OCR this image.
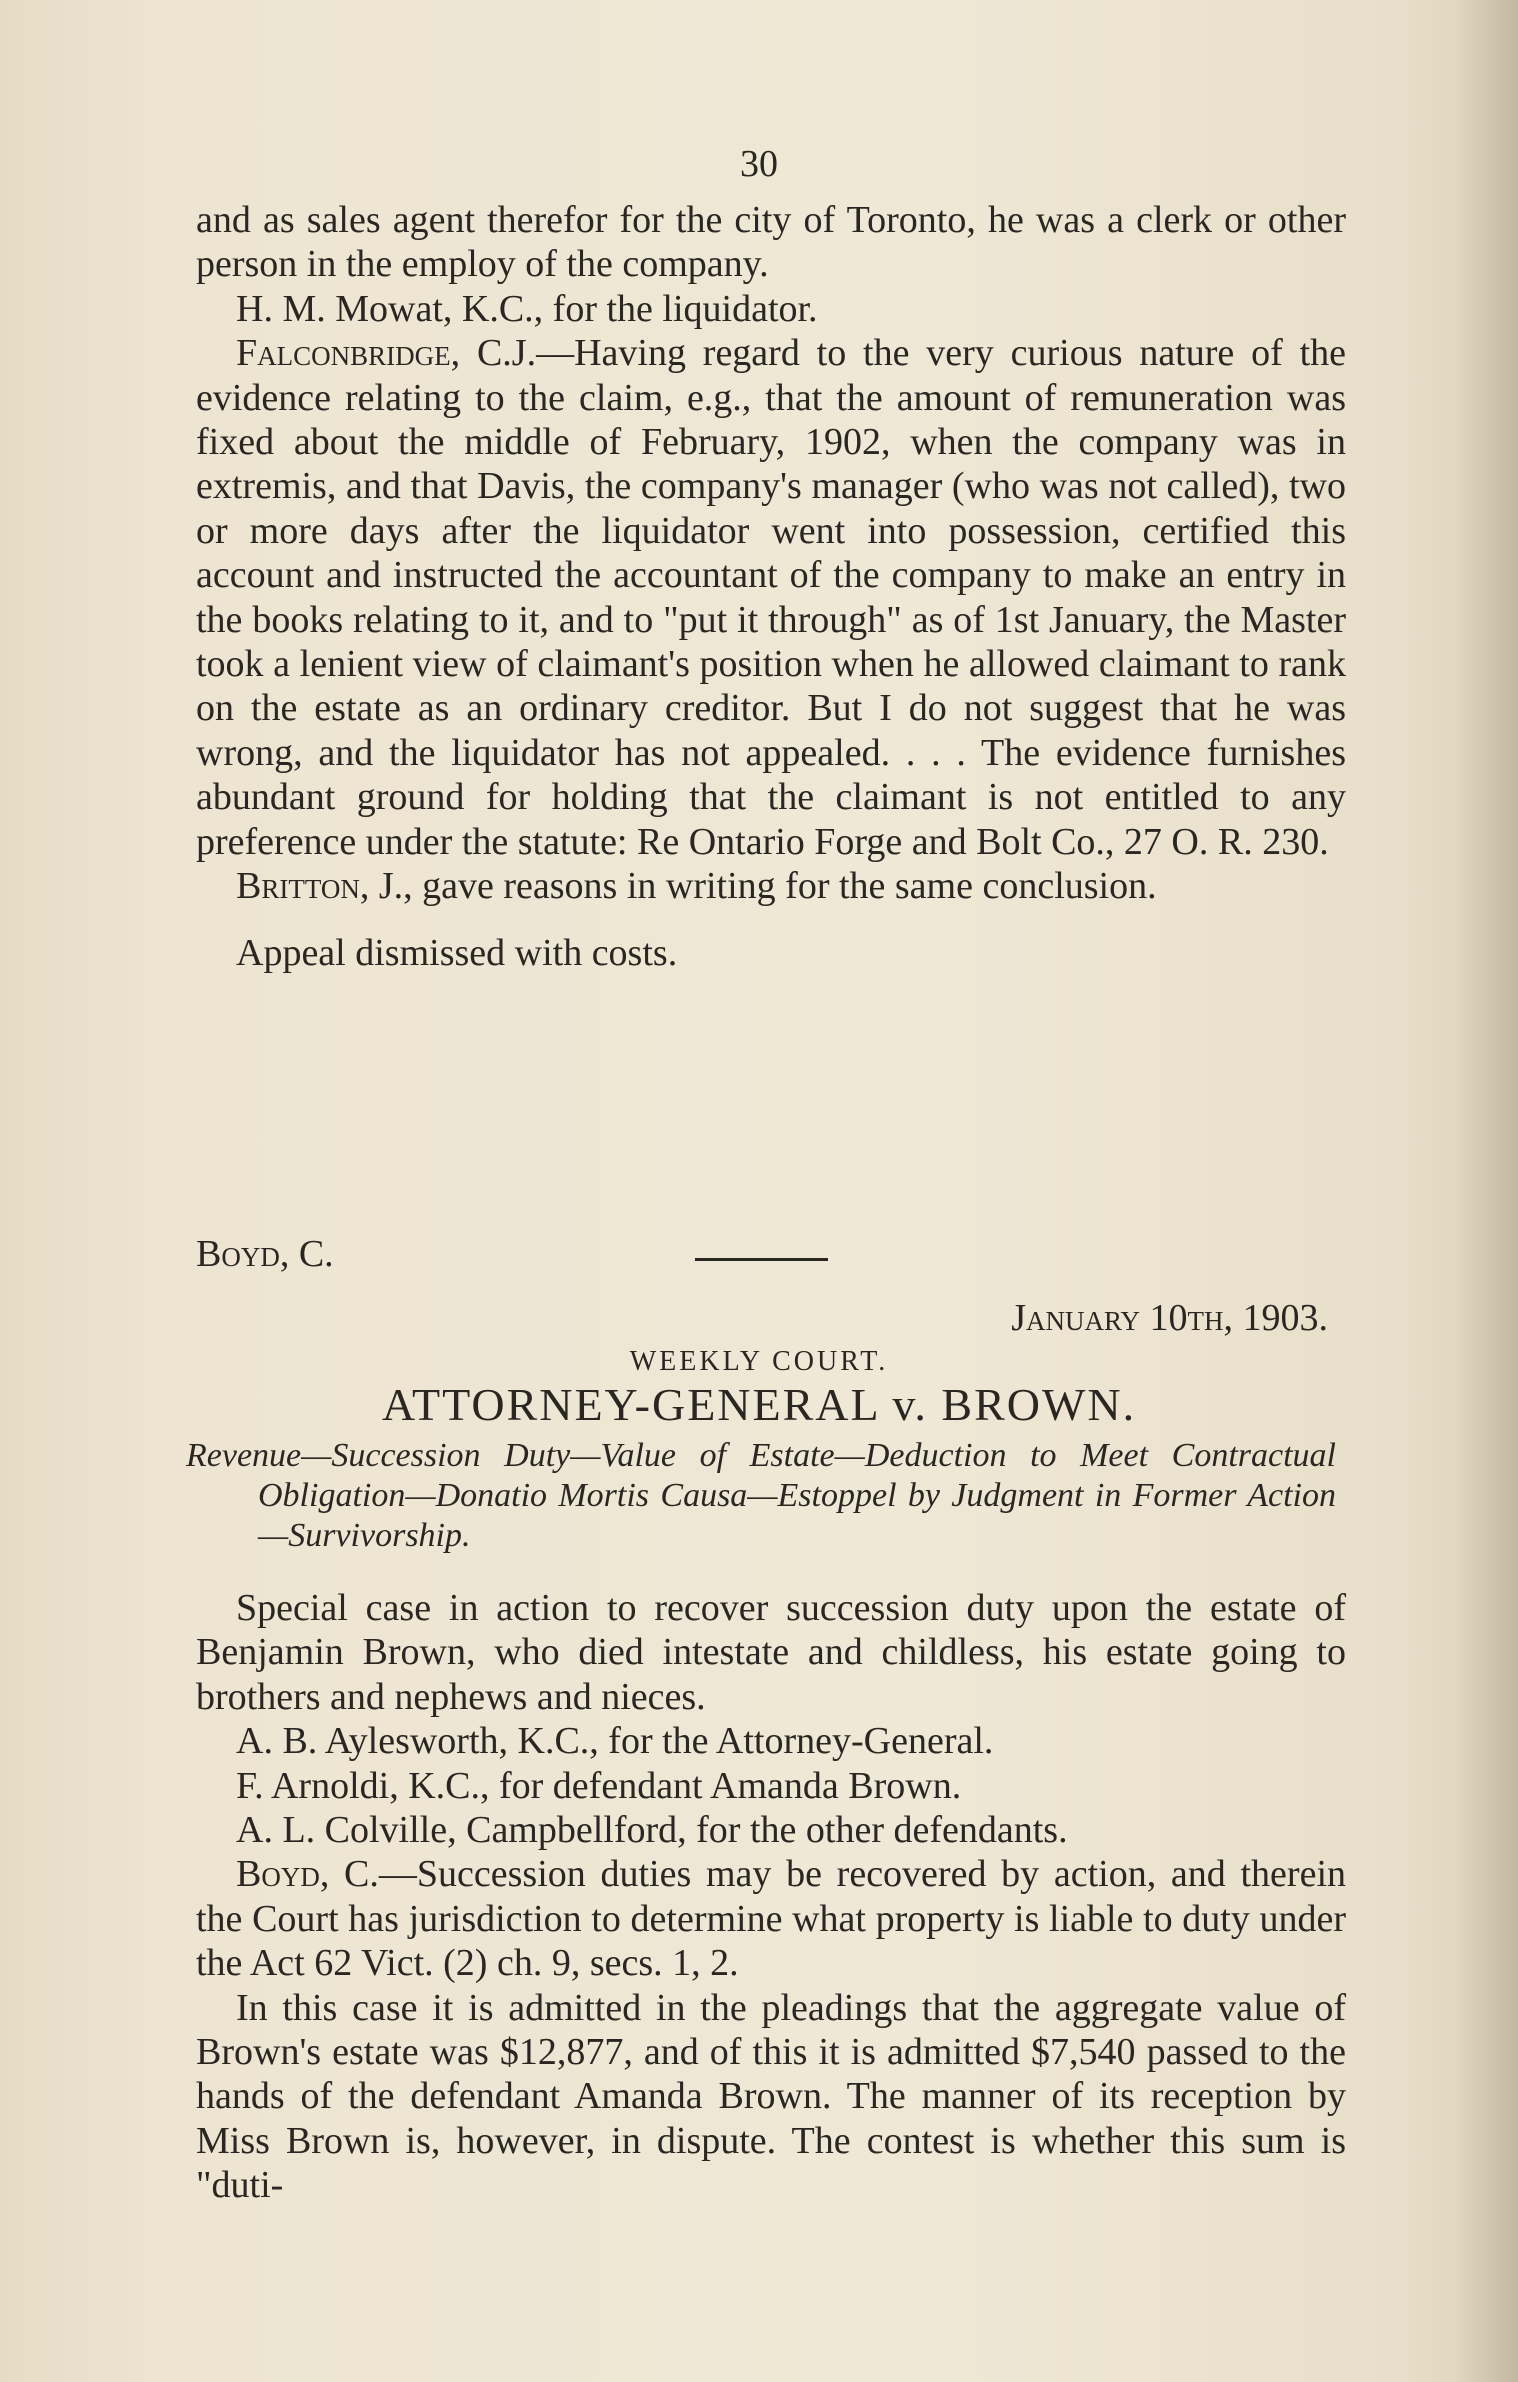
30

and as sales agent therefor for the city of Toronto, he was a clerk or other person in the employ of the company.

H. M. Mowat, K.C., for the liquidator.

Falconbridge, C.J.—Having regard to the very curious nature of the evidence relating to the claim, e.g., that the amount of remuneration was fixed about the middle of February, 1902, when the company was in extremis, and that Davis, the company's manager (who was not called), two or more days after the liquidator went into possession, certified this account and instructed the accountant of the company to make an entry in the books relating to it, and to "put it through" as of 1st January, the Master took a lenient view of claimant's position when he allowed claimant to rank on the estate as an ordinary creditor. But I do not suggest that he was wrong, and the liquidator has not appealed. . . . The evidence furnishes abundant ground for holding that the claimant is not entitled to any preference under the statute: Re Ontario Forge and Bolt Co., 27 O. R. 230.

Britton, J., gave reasons in writing for the same conclusion.

Appeal dismissed with costs.

Boyd, C.
January 10th, 1903.
WEEKLY COURT.
ATTORNEY-GENERAL v. BROWN.
Revenue—Succession Duty—Value of Estate—Deduction to Meet Contractual Obligation—Donatio Mortis Causa—Estoppel by Judgment in Former Action—Survivorship.

Special case in action to recover succession duty upon the estate of Benjamin Brown, who died intestate and childless, his estate going to brothers and nephews and nieces.

A. B. Aylesworth, K.C., for the Attorney-General.

F. Arnoldi, K.C., for defendant Amanda Brown.

A. L. Colville, Campbellford, for the other defendants.

Boyd, C.—Succession duties may be recovered by action, and therein the Court has jurisdiction to determine what property is liable to duty under the Act 62 Vict. (2) ch. 9, secs. 1, 2.

In this case it is admitted in the pleadings that the aggregate value of Brown's estate was $12,877, and of this it is admitted $7,540 passed to the hands of the defendant Amanda Brown. The manner of its reception by Miss Brown is, however, in dispute. The contest is whether this sum is "duti-
